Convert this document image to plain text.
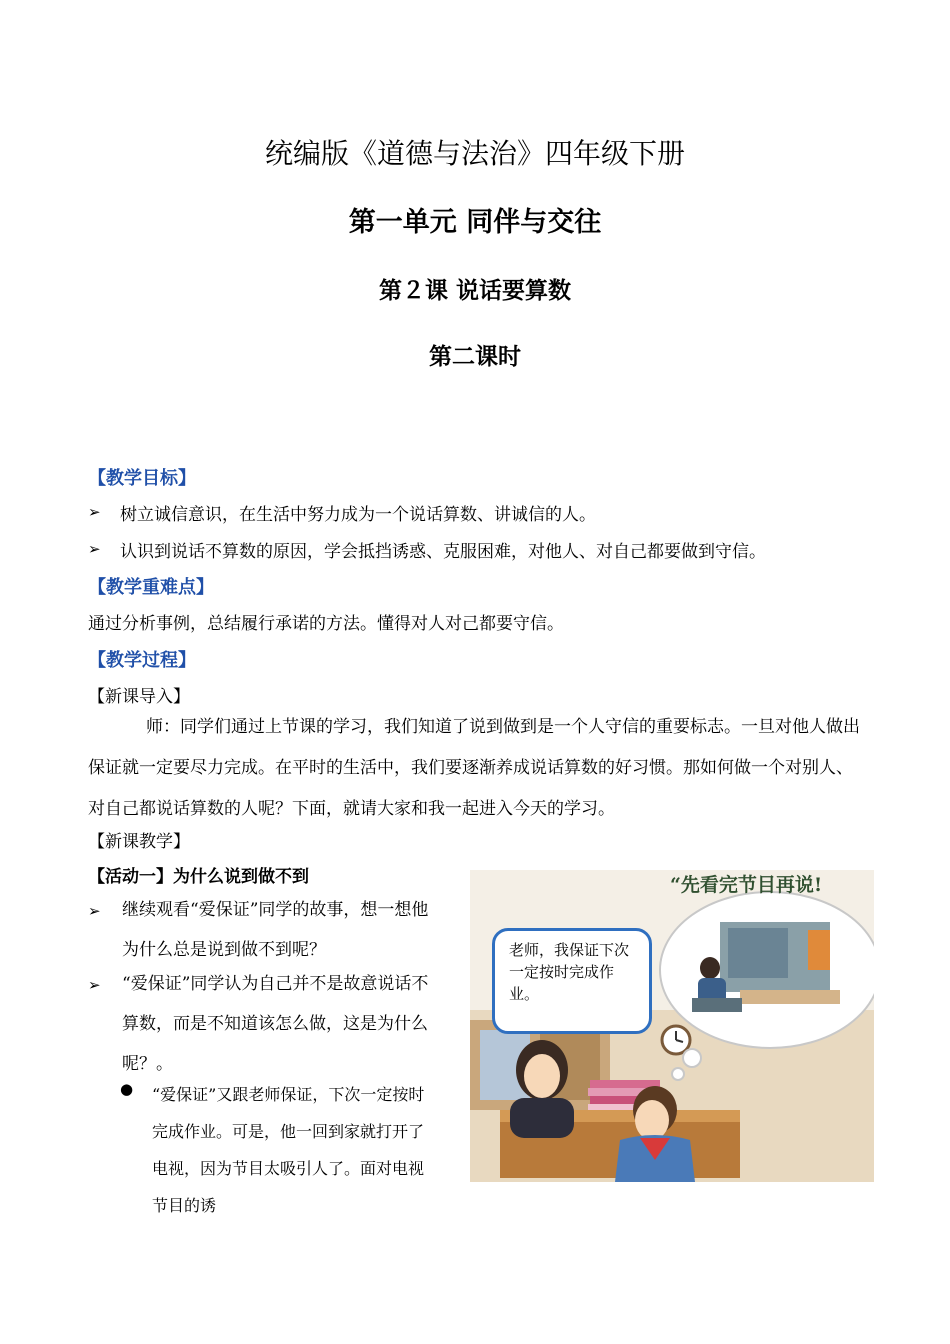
统编版《道德与法治》四年级下册
第一单元 同伴与交往
第２课 说话要算数
第二课时
【教学目标】
➢ 树立诚信意识，在生活中努力成为一个说话算数、讲诚信的人。
➢ 认识到说话不算数的原因，学会抵挡诱惑、克服困难，对他人、对自己都要做到守信。
【教学重难点】
通过分析事例，总结履行承诺的方法。懂得对人对己都要守信。
【教学过程】
【新课导入】
师：同学们通过上节课的学习，我们知道了说到做到是一个人守信的重要标志。一旦对他人做出保证就一定要尽力完成。在平时的生活中，我们要逐渐养成说话算数的好习惯。那如何做一个对别人、对自己都说话算数的人呢？下面，就请大家和我一起进入今天的学习。
【新课教学】
【活动一】为什么说到做不到
➢ 继续观看“爱保证”同学的故事，想一想他为什么总是说到做不到呢？
➢ “爱保证”同学认为自己并不是故意说话不算数，而是不知道该怎么做，这是为什么呢？。
● “爱保证”又跟老师保证，下次一定按时完成作业。可是，他一回到家就打开了电视，因为节目太吸引人了。面对电视节目的诱
“先看完节目再说!
老师，我保证下次一定按时完成作业。
